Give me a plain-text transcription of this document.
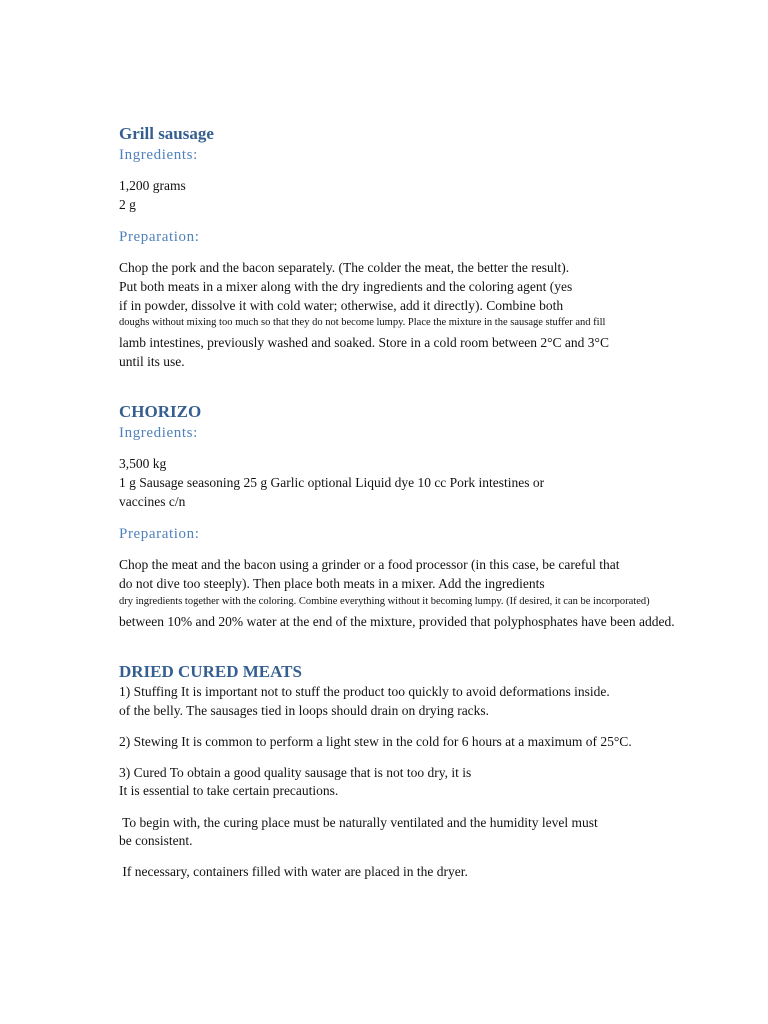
Grill sausage
Ingredients:
1,200 grams
2 g
Preparation:
Chop the pork and the bacon separately. (The colder the meat, the better the result).
Put both meats in a mixer along with the dry ingredients and the coloring agent (yes
if in powder, dissolve it with cold water; otherwise, add it directly). Combine both
doughs without mixing too much so that they do not become lumpy. Place the mixture in the sausage stuffer and fill
lamb intestines, previously washed and soaked. Store in a cold room between 2°C and 3°C
until its use.
CHORIZO
Ingredients:
3,500 kg
1 g Sausage seasoning 25 g Garlic optional Liquid dye 10 cc Pork intestines or
vaccines c/n
Preparation:
Chop the meat and the bacon using a grinder or a food processor (in this case, be careful that
do not dive too steeply). Then place both meats in a mixer. Add the ingredients
dry ingredients together with the coloring. Combine everything without it becoming lumpy. (If desired, it can be incorporated)
between 10% and 20% water at the end of the mixture, provided that polyphosphates have been added.
DRIED CURED MEATS
1) Stuffing It is important not to stuff the product too quickly to avoid deformations inside.
of the belly. The sausages tied in loops should drain on drying racks.
2) Stewing It is common to perform a light stew in the cold for 6 hours at a maximum of 25°C.
3) Cured To obtain a good quality sausage that is not too dry, it is
It is essential to take certain precautions.
To begin with, the curing place must be naturally ventilated and the humidity level must
be consistent.
If necessary, containers filled with water are placed in the dryer.
